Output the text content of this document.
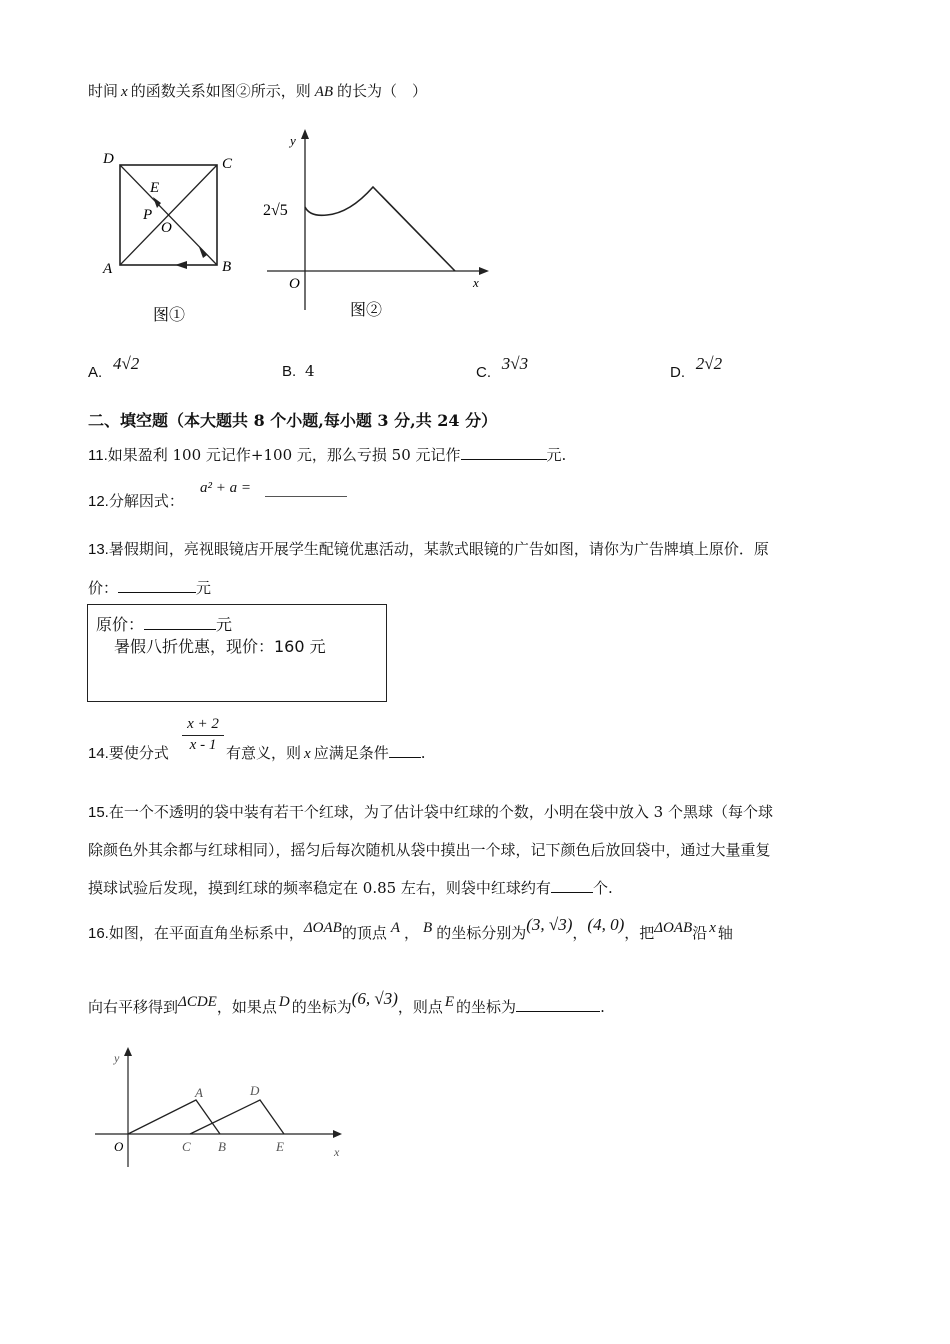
时间 x 的函数关系如图②所示，则 AB 的长为（　）
D	C
E
P
O
A	B
图①
y
x
O
2√5
图②
A. 4√2	B. 4	C. 3√3	D. 2√2
二、填空题（本大题共 8 个小题,每小题 3 分,共 24 分）
11.如果盈利 100 元记作+100 元，那么亏损 50 元记作	元.
12.分解因式：
a² + a =
13.暑假期间，亮视眼镜店开展学生配镜优惠活动，某款式眼镜的广告如图，请你为广告牌填上原价．原
价：	元
原价：	元
暑假八折优惠，现价：160 元
14.要使分式 $\frac{x + 2}{x - 1}$ 有意义，则 x 应满足条件 .
15.在一个不透明的袋中装有若干个红球，为了估计袋中红球的个数，小明在袋中放入 3 个黑球（每个球
除颜色外其余都与红球相同），摇匀后每次随机从袋中摸出一个球，记下颜色后放回袋中，通过大量重复
摸球试验后发现，摸到红球的频率稳定在 0.85 左右，则袋中红球约有	个.
16.如图，在平面直角坐标系中，ΔOAB的顶点 A ， B 的坐标分别为(3, √3)，(4, 0)，把ΔOAB沿 x 轴
向右平移得到ΔCDE，如果点 D 的坐标为(6, √3)，则点 E 的坐标为	.
y
x
O
A
C B
D
E
